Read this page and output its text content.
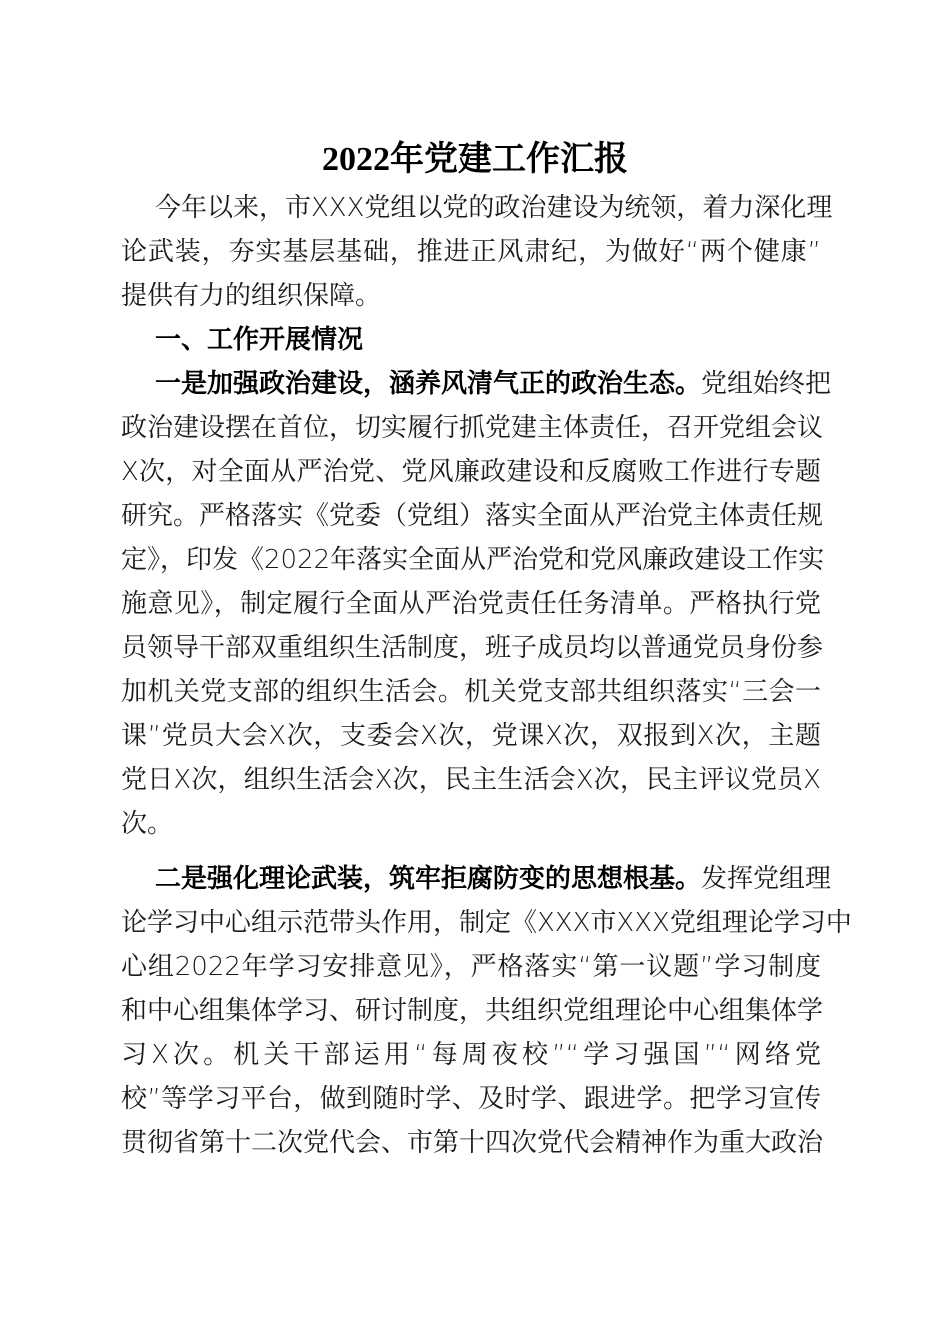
2022年党建工作汇报
今年以来，市XXX党组以党的政治建设为统领，着力深化理
论武装，夯实基层基础，推进正风肃纪，为做好“两个健康”
提供有力的组织保障。
一、工作开展情况
一是加强政治建设，涵养风清气正的政治生态。党组始终把
政治建设摆在首位，切实履行抓党建主体责任，召开党组会议
X次，对全面从严治党、党风廉政建设和反腐败工作进行专题
研究。严格落实《党委（党组）落实全面从严治党主体责任规
定》，印发《2022年落实全面从严治党和党风廉政建设工作实
施意见》，制定履行全面从严治党责任任务清单。严格执行党
员领导干部双重组织生活制度，班子成员均以普通党员身份参
加机关党支部的组织生活会。机关党支部共组织落实“三会一
课”党员大会X次，支委会X次，党课X次，双报到X次，主题
党日X次，组织生活会X次，民主生活会X次，民主评议党员X
次。
二是强化理论武装，筑牢拒腐防变的思想根基。发挥党组理
论学习中心组示范带头作用，制定《XXX市XXX党组理论学习中
心组2022年学习安排意见》，严格落实“第一议题”学习制度
和中心组集体学习、研讨制度，共组织党组理论中心组集体学
习X次。机关干部运用“每周夜校”“学习强国”“网络党
校”等学习平台，做到随时学、及时学、跟进学。把学习宣传
贯彻省第十二次党代会、市第十四次党代会精神作为重大政治
